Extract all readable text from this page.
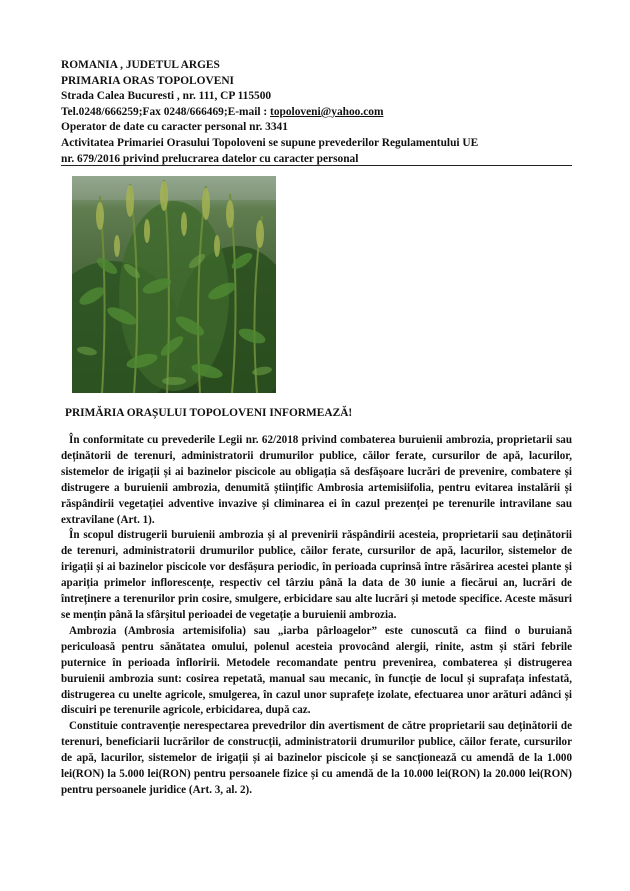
ROMANIA , JUDETUL ARGES
PRIMARIA ORAS TOPOLOVENI
Strada Calea Bucuresti , nr. 111, CP 115500
Tel.0248/666259;Fax 0248/666469;E-mail : topoloveni@yahoo.com
Operator de date cu caracter personal nr. 3341
Activitatea Primariei Orasului Topoloveni se supune prevederilor Regulamentului UE
nr. 679/2016 privind prelucrarea datelor cu caracter personal
PRIMĂRIA ORAȘULUI TOPOLOVENI INFORMEAZĂ!

În conformitate cu prevederile Legii nr. 62/2018 privind combaterea buruienii ambrozia, proprietarii sau deținătorii de terenuri, administratorii drumurilor publice, căilor ferate, cursurilor de apă, lacurilor, sistemelor de irigații și ai bazinelor piscicole au obligația să desfășoare lucrări de prevenire, combatere și distrugere a buruienii ambrozia, denumită științific Ambrosia artemisiifolia, pentru evitarea instalării și răspândirii vegetației adventive invazive și climinarea ei în cazul prezenței pe terenurile intravilane sau extravilane (Art. 1).

În scopul distrugerii buruienii ambrozia și al prevenirii răspândirii acesteia, proprietarii sau deținătorii de terenuri, administratorii drumurilor publice, căilor ferate, cursurilor de apă, lacurilor, sistemelor de irigații și ai bazinelor piscicole vor desfășura periodic, în perioada cuprinsă între răsărirea acestei plante și apariția primelor inflorescențe, respectiv cel târziu până la data de 30 iunie a fiecărui an, lucrări de întreținere a terenurilor prin cosire, smulgere, erbicidare sau alte lucrări și metode specifice. Aceste măsuri se mențin până la sfârșitul perioadei de vegetație a buruienii ambrozia.

Ambrozia (Ambrosia artemisifolia) sau „iarba pârloagelor” este cunoscută ca fiind o buruiană periculoasă pentru sănătatea omului, polenul acesteia provocând alergii, rinite, astm și stări febrile puternice în perioada înfloririi. Metodele recomandate pentru prevenirea, combaterea și distrugerea buruienii ambrozia sunt: cosirea repetată, manual sau mecanic, în funcție de locul și suprafața infestată, distrugerea cu unelte agricole, smulgerea, în cazul unor suprafețe izolate, efectuarea unor arături adânci și discuiri pe terenurile agricole, erbicidarea, după caz.

Constituie contravenție nerespectarea prevedrilor din avertisment de către proprietarii sau deținătorii de terenuri, beneficiarii lucrărilor de construcții, administratorii drumurilor publice, căilor ferate, cursurilor de apă, lacurilor, sistemelor de irigații și ai bazinelor piscicole și se sancționează cu amendă de la 1.000 lei(RON) la 5.000 lei(RON) pentru persoanele fizice și cu amendă de la 10.000 lei(RON) la 20.000 lei(RON) pentru persoanele juridice (Art. 3, al. 2).
